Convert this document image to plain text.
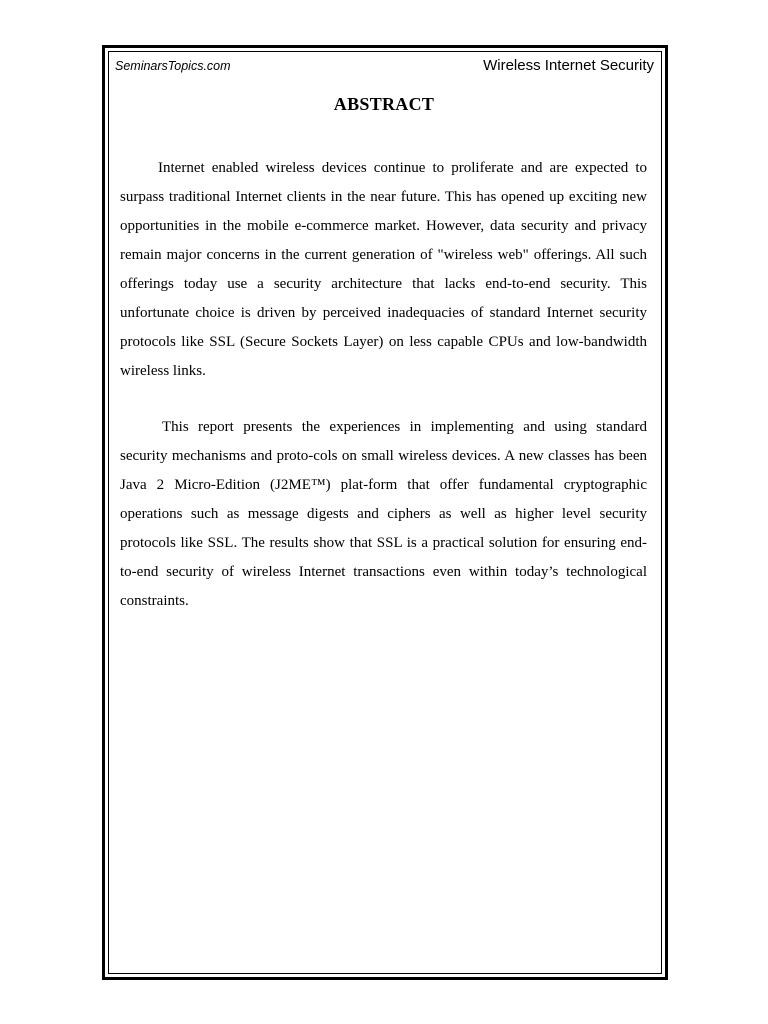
SeminarsTopics.com	Wireless Internet Security
ABSTRACT

Internet enabled wireless devices continue to proliferate and are expected to surpass traditional Internet clients in the near future. This has opened up exciting new opportunities in the mobile e-commerce market. However, data security and privacy remain major concerns in the current generation of "wireless web" offerings. All such offerings today use a security architecture that lacks end-to-end security. This unfortunate choice is driven by perceived inadequacies of standard Internet security protocols like SSL (Secure Sockets Layer) on less capable CPUs and low-bandwidth wireless links.

This report presents the experiences in implementing and using standard security mechanisms and proto-cols on small wireless devices. A new classes has been Java 2 Micro-Edition (J2ME™) plat-form that offer fundamental cryptographic operations such as message digests and ciphers as well as higher level security protocols like SSL. The results show that SSL is a practical solution for ensuring end-to-end security of wireless Internet transactions even within today’s technological constraints.
